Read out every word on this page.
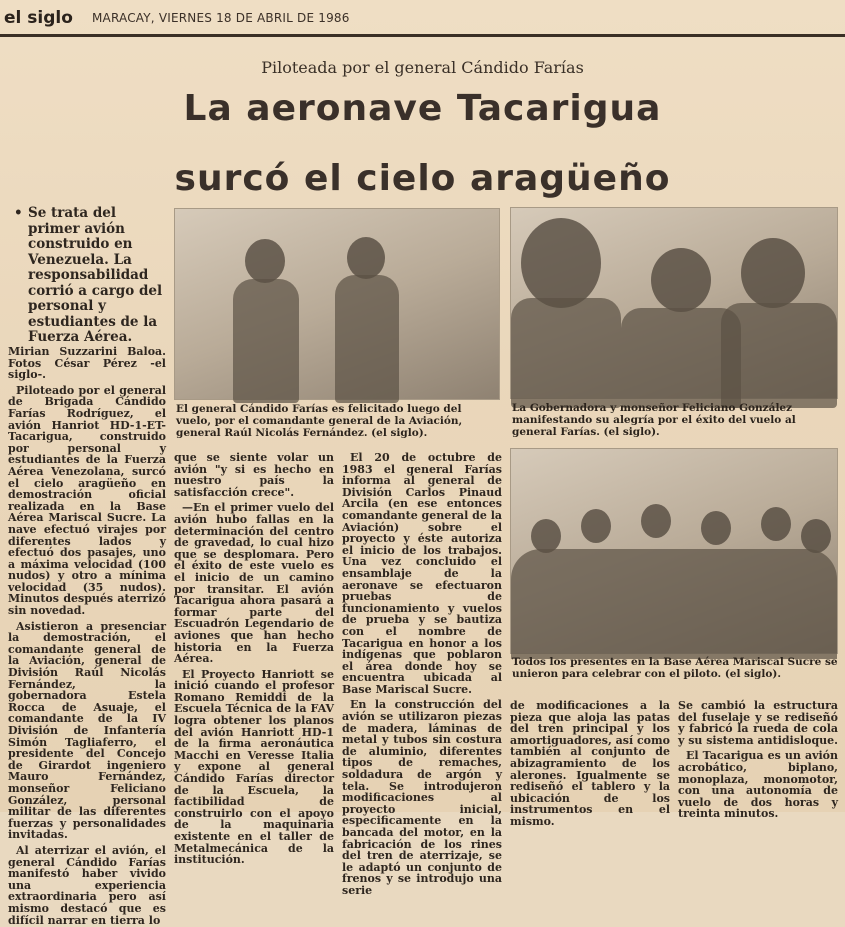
el siglo MARACAY, VIERNES 18 DE ABRIL DE 1986
Piloteada por el general Cándido Farías
La aeronave Tacarigua
surcó el cielo aragüeño
• Se trata del primer avión construido en Venezuela. La responsabilidad corrió a cargo del personal y estudiantes de la Fuerza Aérea.
El general Cándido Farías es felicitado luego del vuelo, por el comandante general de la Aviación, general Raúl Nicolás Fernández. (el siglo).
La Gobernadora y monseñor Feliciano González manifestando su alegría por el éxito del vuelo al general Farías. (el siglo).
Todos los presentes en la Base Aérea Mariscal Sucre se unieron para celebrar con el piloto. (el siglo).

Mirian Suzzarini Baloa. Fotos César Pérez -el siglo-.

Piloteado por el general de Brigada Cándido Farías Rodríguez, el avión Hanriot HD-1-ET- Tacarigua, construido por personal y estudiantes de la Fuerza Aérea Venezolana, surcó el cielo aragüeño en demostración oficial realizada en la Base Aérea Mariscal Sucre. La nave efectuó virajes por diferentes lados y efectuó dos pasajes, uno a máxima velocidad (100 nudos) y otro a mínima velocidad (35 nudos). Minutos después aterrizó sin novedad.

Asistieron a presenciar la demostración, el comandante general de la Aviación, general de División Raúl Nicolás Fernández, la gobernadora Estela Rocca de Asuaje, el comandante de la IV División de Infantería Simón Tagliaferro, el presidente del Concejo de Girardot ingeniero Mauro Fernández, monseñor Feliciano González, personal militar de las diferentes fuerzas y personalidades invitadas.

Al aterrizar el avión, el general Cándido Farías manifestó haber vivido una experiencia extraordinaria pero así mismo destacó que es difícil narrar en tierra lo

que se siente volar un avión "y si es hecho en nuestro país la satisfacción crece".

—En el primer vuelo del avión hubo fallas en la determinación del centro de gravedad, lo cual hizo que se desplomara. Pero el éxito de este vuelo es el inicio de un camino por transitar. El avión Tacarigua ahora pasará a formar parte del Escuadrón Legendario de aviones que han hecho historia en la Fuerza Aérea.

El Proyecto Hanriott se inició cuando el profesor Romano Remiddi de la Escuela Técnica de la FAV logra obtener los planos del avión Hanriott HD-1 de la firma aeronáutica Macchi en Veresse Italia y expone al general Cándido Farías director de la Escuela, la factibilidad de construirlo con el apoyo de la maquinaria existente en el taller de Metalmecánica de la institución.

El 20 de octubre de 1983 el general Farías informa al general de División Carlos Pinaud Arcila (en ese entonces comandante general de la Aviación) sobre el proyecto y éste autoriza el inicio de los trabajos. Una vez concluido el ensamblaje de la aeronave se efectuaron pruebas de funcionamiento y vuelos de prueba y se bautiza con el nombre de Tacarigua en honor a los indígenas que poblaron el área donde hoy se encuentra ubicada al Base Mariscal Sucre.

En la construcción del avión se utilizaron piezas de madera, láminas de metal y tubos sin costura de aluminio, diferentes tipos de remaches, soldadura de argón y tela. Se introdujeron modificaciones al proyecto inicial, especificamente en la bancada del motor, en la fabricación de los rines del tren de aterrizaje, se le adaptó un conjunto de frenos y se introdujo una serie

de modificaciones a la pieza que aloja las patas del tren principal y los amortiguadores, así como también al conjunto de abizagramiento de los alerones. Igualmente se rediseñó el tablero y la ubicación de los instrumentos en el mismo.

Se cambió la estructura del fuselaje y se rediseñó y fabricó la rueda de cola y su sistema antidisloque.

El Tacarigua es un avión acrobático, biplano, monoplaza, monomotor, con una autonomía de vuelo de dos horas y treinta minutos.
